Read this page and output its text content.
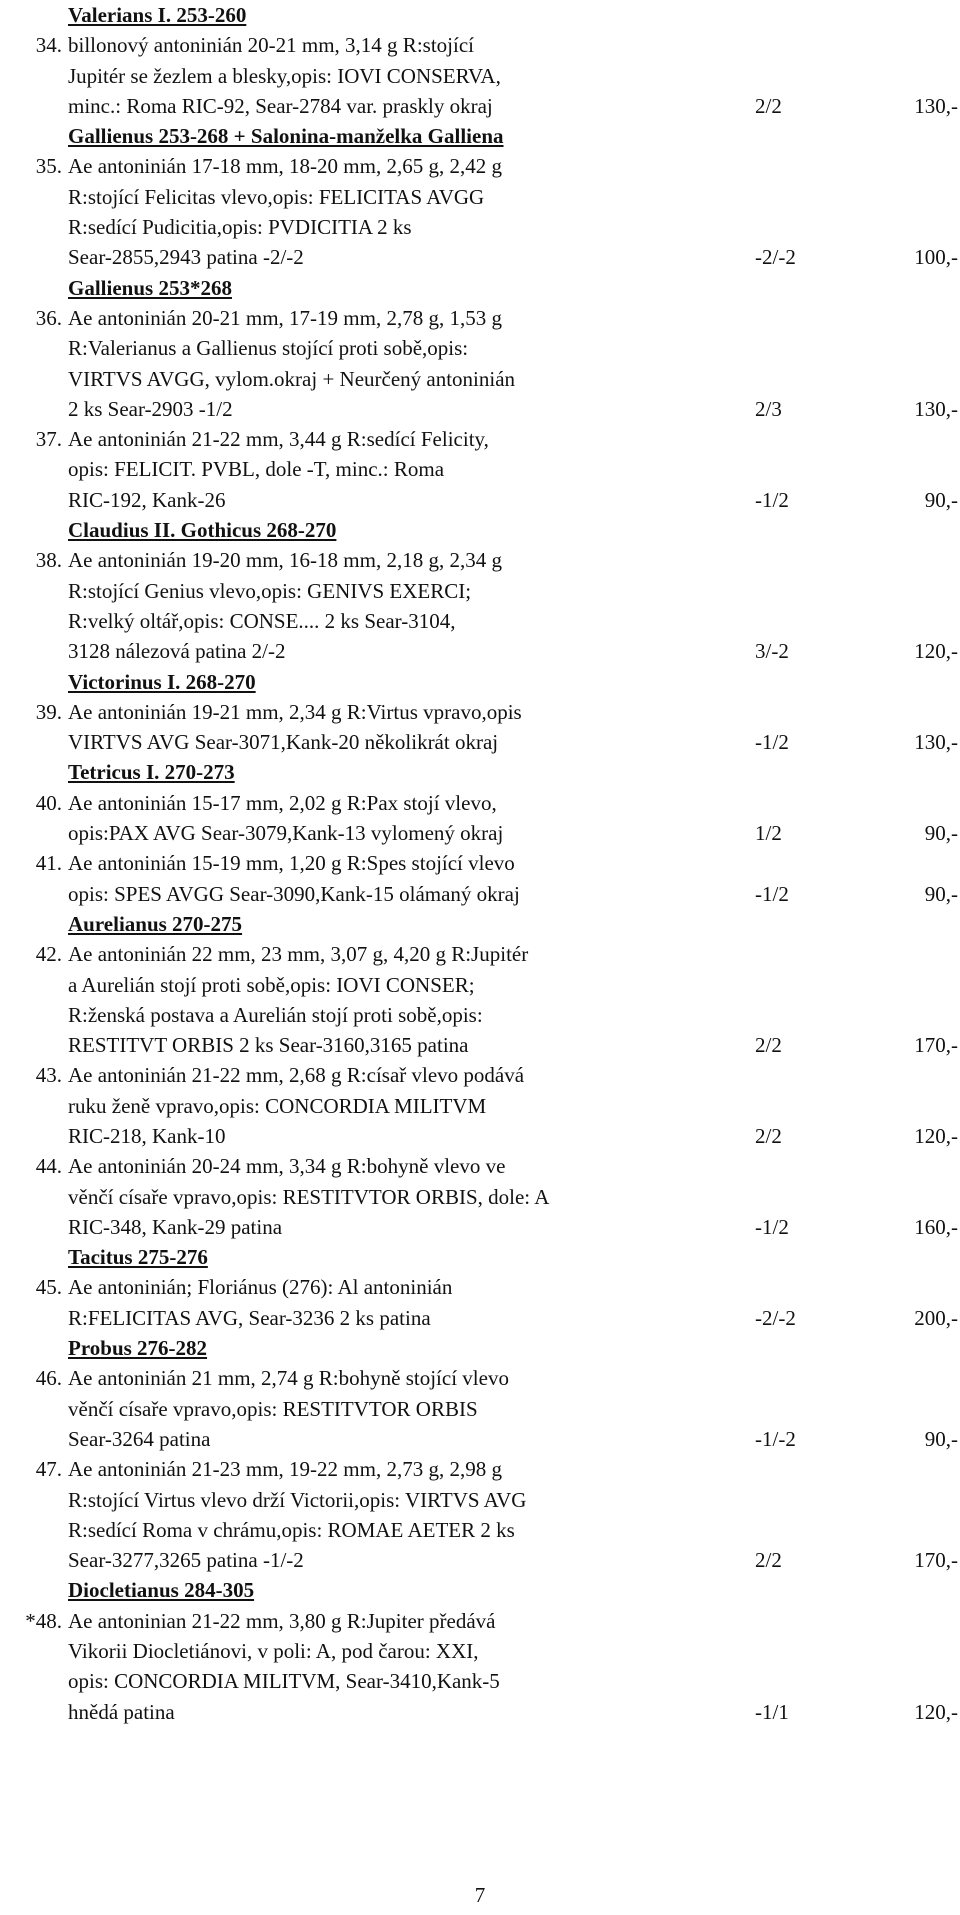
Valerians I. 253-260
34. billonový antoninián 20-21 mm, 3,14 g R:stojící
Jupitér se žezlem a blesky,opis: IOVI CONSERVA,
minc.: Roma RIC-92, Sear-2784 var. praskly okraj	2/2	130,-
Gallienus 253-268 + Salonina-manželka Galliena
35. Ae antoninián 17-18 mm, 18-20 mm, 2,65 g, 2,42 g
R:stojící Felicitas vlevo,opis: FELICITAS AVGG
R:sedící Pudicitia,opis: PVDICITIA 2 ks
Sear-2855,2943 patina -2/-2	-2/-2	100,-
Gallienus 253*268
36. Ae antoninián 20-21 mm, 17-19 mm, 2,78 g, 1,53 g
R:Valerianus a Gallienus stojící proti sobě,opis:
VIRTVS AVGG, vylom.okraj + Neurčený antoninián
2 ks Sear-2903 -1/2	2/3	130,-
37. Ae antoninián 21-22 mm, 3,44 g R:sedící Felicity,
opis: FELICIT. PVBL, dole -T, minc.: Roma
RIC-192, Kank-26	-1/2	90,-
Claudius II. Gothicus 268-270
38. Ae antoninián 19-20 mm, 16-18 mm, 2,18 g, 2,34 g
R:stojící Genius vlevo,opis: GENIVS EXERCI;
R:velký oltář,opis: CONSE.... 2 ks Sear-3104,
3128 nálezová patina 2/-2	3/-2	120,-
Victorinus I. 268-270
39. Ae antoninián 19-21 mm, 2,34 g R:Virtus vpravo,opis
VIRTVS AVG Sear-3071,Kank-20 několikrát okraj	-1/2	130,-
Tetricus I. 270-273
40. Ae antoninián 15-17 mm, 2,02 g R:Pax stojí vlevo,
opis:PAX AVG Sear-3079,Kank-13 vylomený okraj	1/2	90,-
41. Ae antoninián 15-19 mm, 1,20 g R:Spes stojící vlevo
opis: SPES AVGG Sear-3090,Kank-15 olámaný okraj	-1/2	90,-
Aurelianus 270-275
42. Ae antoninián 22 mm, 23 mm, 3,07 g, 4,20 g R:Jupitér
a Aurelián stojí proti sobě,opis: IOVI CONSER;
R:ženská postava a Aurelián stojí proti sobě,opis:
RESTITVT ORBIS 2 ks Sear-3160,3165 patina	2/2	170,-
43. Ae antoninián 21-22 mm, 2,68 g R:císař vlevo podává
ruku ženě vpravo,opis: CONCORDIA MILITVM
RIC-218, Kank-10	2/2	120,-
44. Ae antoninián 20-24 mm, 3,34 g R:bohyně vlevo ve
věnčí císaře vpravo,opis: RESTITVTOR ORBIS, dole: A
RIC-348, Kank-29 patina	-1/2	160,-
Tacitus 275-276
45. Ae antoninián; Floriánus (276): Al antoninián
R:FELICITAS AVG, Sear-3236 2 ks patina	-2/-2	200,-
Probus 276-282
46. Ae antoninián 21 mm, 2,74 g R:bohyně stojící vlevo
věnčí císaře vpravo,opis: RESTITVTOR ORBIS
Sear-3264 patina	-1/-2	90,-
47. Ae antoninián 21-23 mm, 19-22 mm, 2,73 g, 2,98 g
R:stojící Virtus vlevo drží Victorii,opis: VIRTVS AVG
R:sedící Roma v chrámu,opis: ROMAE AETER 2 ks
Sear-3277,3265 patina -1/-2	2/2	170,-
Diocletianus 284-305
*48. Ae antoninian 21-22 mm, 3,80 g R:Jupiter předává
Vikorii Diocletiánovi, v poli: A, pod čarou: XXI,
opis: CONCORDIA MILITVM, Sear-3410,Kank-5
hnědá patina	-1/1	120,-
7
